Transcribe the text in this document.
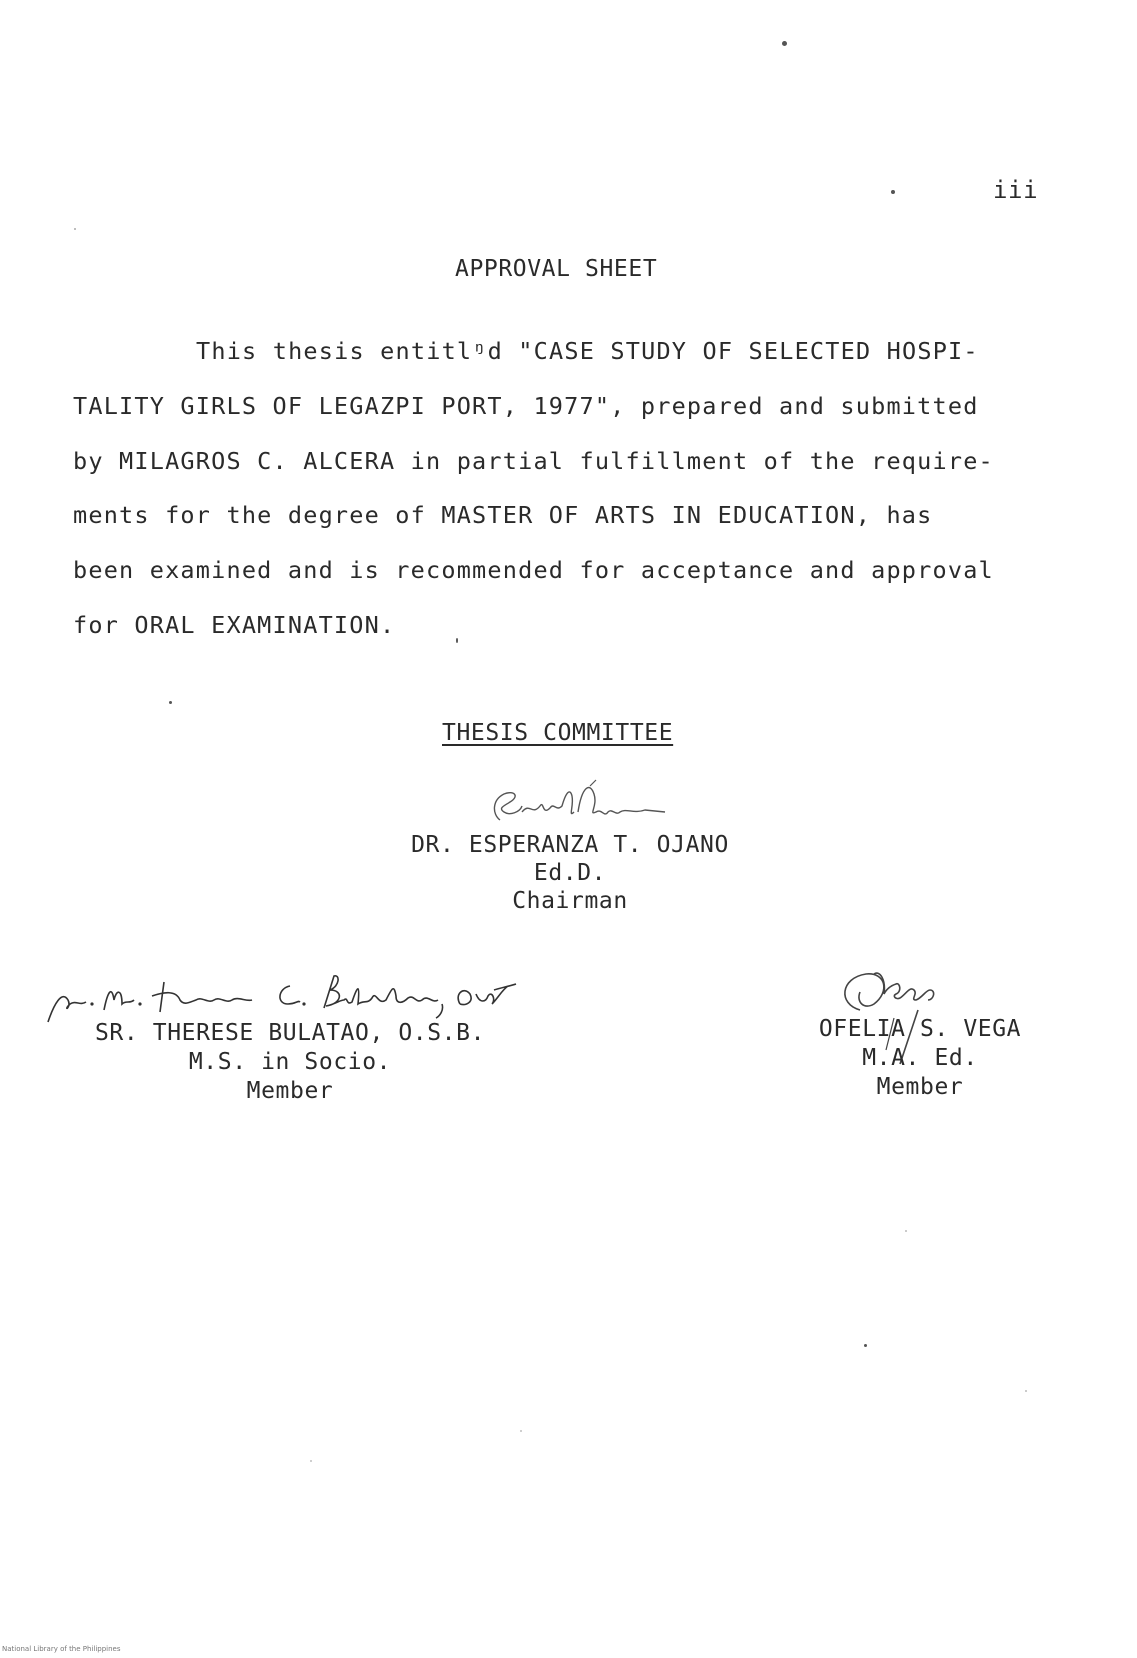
iii
APPROVAL SHEET
This thesis entitlᵑd "CASE STUDY OF SELECTED HOSPI-
TALITY GIRLS OF LEGAZPI PORT, 1977", prepared and submitted
by MILAGROS C. ALCERA in partial fulfillment of the require-
ments for the degree of MASTER OF ARTS IN EDUCATION, has
been examined and is recommended for acceptance and approval
for ORAL EXAMINATION.
THESIS COMMITTEE
DR. ESPERANZA T. OJANO
Ed.D.
Chairman
SR. THERESE BULATAO, O.S.B.
M.S. in Socio.
Member
OFELIA S. VEGA
M.A. Ed.
Member
National Library of the Philippines
